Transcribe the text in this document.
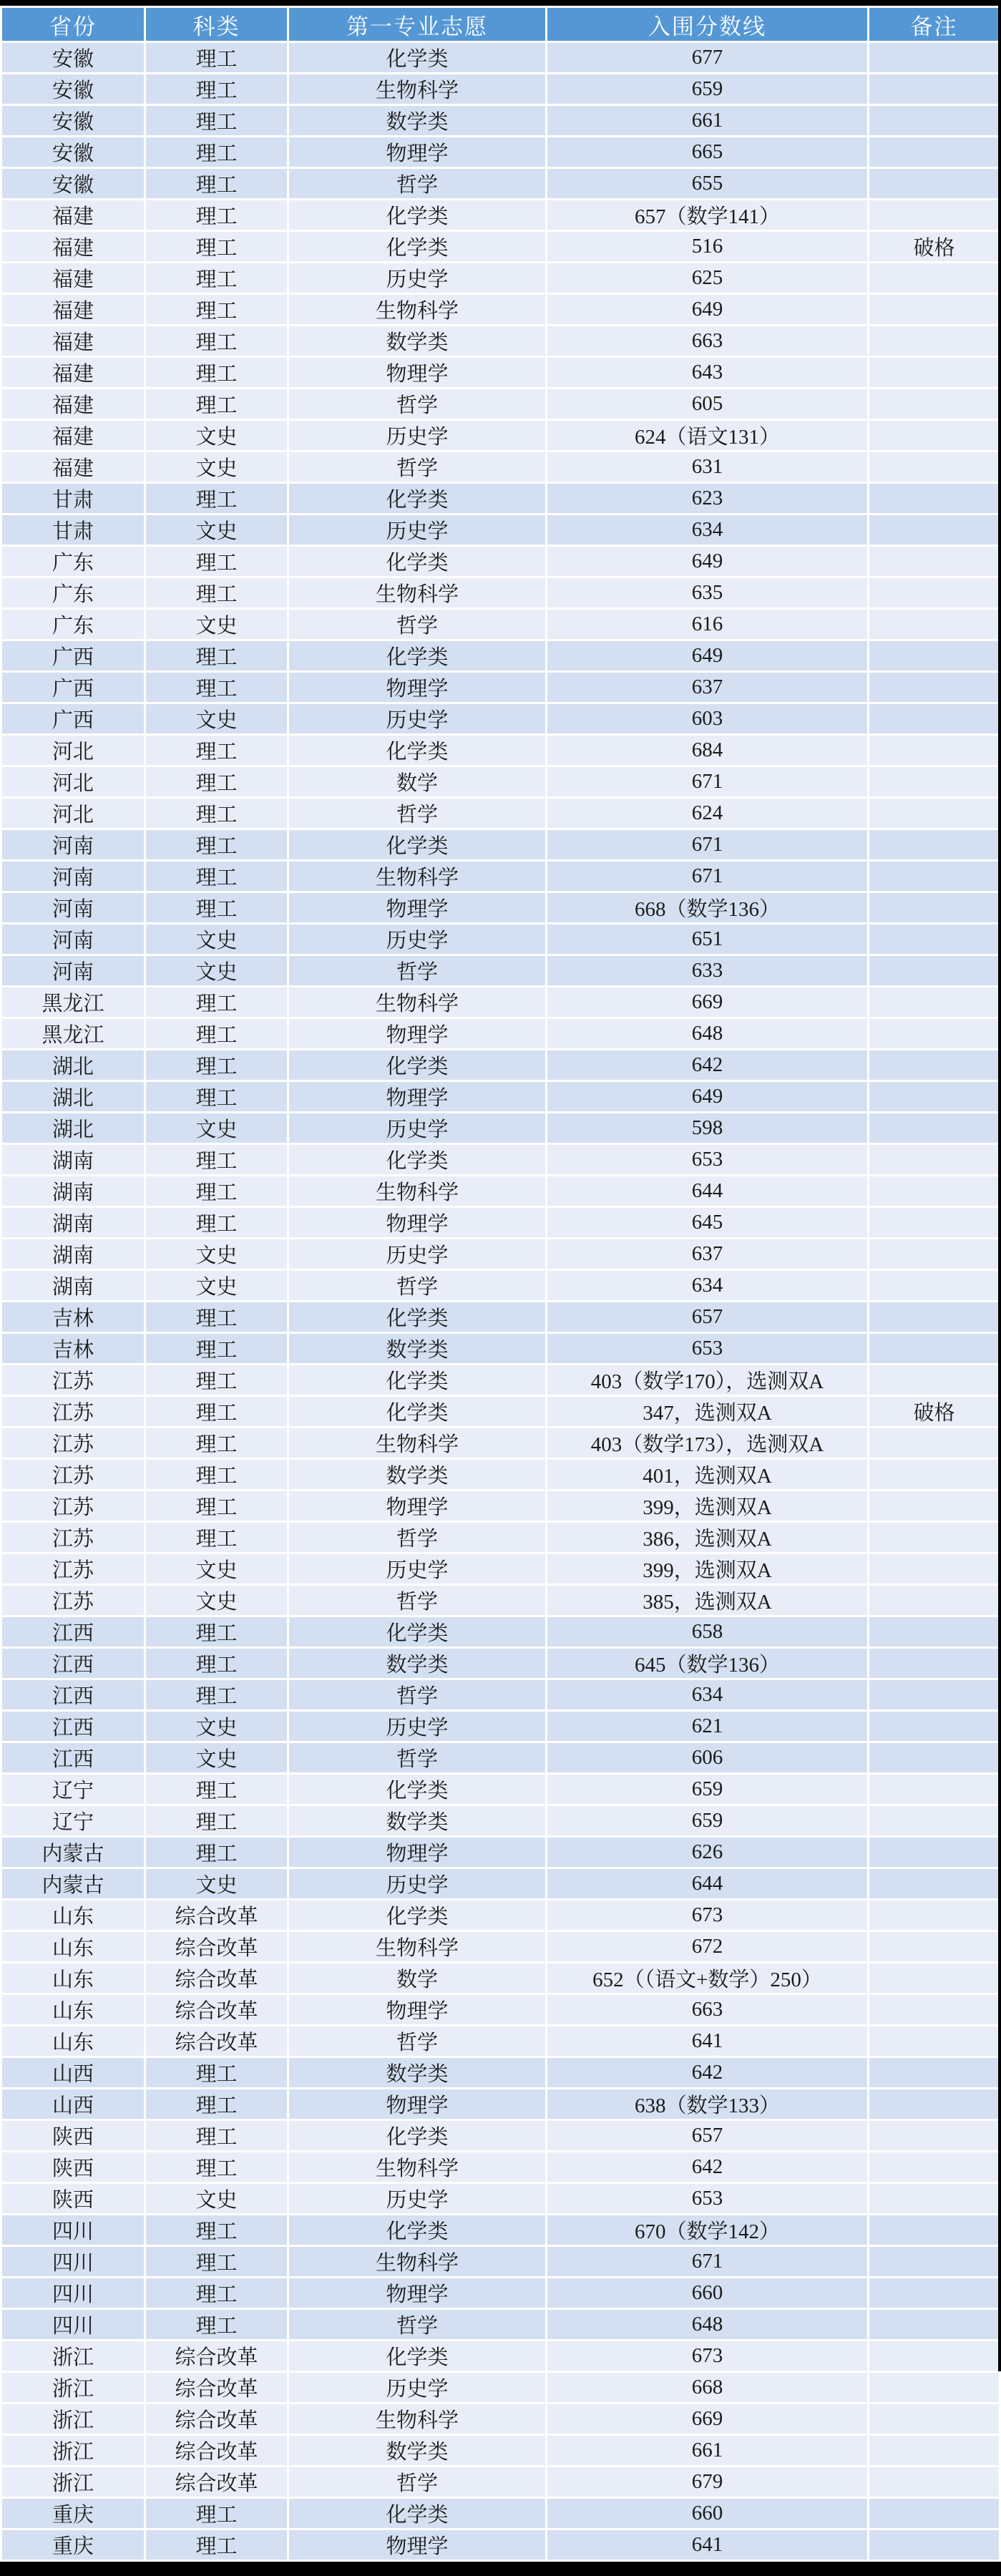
省份	科类	第一专业志愿	入围分数线	备注
安徽	理工	化学类	677	
安徽	理工	生物科学	659	
安徽	理工	数学类	661	
安徽	理工	物理学	665	
安徽	理工	哲学	655	
福建	理工	化学类	657（数学141）	
福建	理工	化学类	516	破格
福建	理工	历史学	625	
福建	理工	生物科学	649	
福建	理工	数学类	663	
福建	理工	物理学	643	
福建	理工	哲学	605	
福建	文史	历史学	624（语文131）	
福建	文史	哲学	631	
甘肃	理工	化学类	623	
甘肃	文史	历史学	634	
广东	理工	化学类	649	
广东	理工	生物科学	635	
广东	文史	哲学	616	
广西	理工	化学类	649	
广西	理工	物理学	637	
广西	文史	历史学	603	
河北	理工	化学类	684	
河北	理工	数学	671	
河北	理工	哲学	624	
河南	理工	化学类	671	
河南	理工	生物科学	671	
河南	理工	物理学	668（数学136）	
河南	文史	历史学	651	
河南	文史	哲学	633	
黑龙江	理工	生物科学	669	
黑龙江	理工	物理学	648	
湖北	理工	化学类	642	
湖北	理工	物理学	649	
湖北	文史	历史学	598	
湖南	理工	化学类	653	
湖南	理工	生物科学	644	
湖南	理工	物理学	645	
湖南	文史	历史学	637	
湖南	文史	哲学	634	
吉林	理工	化学类	657	
吉林	理工	数学类	653	
江苏	理工	化学类	403（数学170），选测双A	
江苏	理工	化学类	347，选测双A	破格
江苏	理工	生物科学	403（数学173），选测双A	
江苏	理工	数学类	401，选测双A	
江苏	理工	物理学	399，选测双A	
江苏	理工	哲学	386，选测双A	
江苏	文史	历史学	399，选测双A	
江苏	文史	哲学	385，选测双A	
江西	理工	化学类	658	
江西	理工	数学类	645（数学136）	
江西	理工	哲学	634	
江西	文史	历史学	621	
江西	文史	哲学	606	
辽宁	理工	化学类	659	
辽宁	理工	数学类	659	
内蒙古	理工	物理学	626	
内蒙古	文史	历史学	644	
山东	综合改革	化学类	673	
山东	综合改革	生物科学	672	
山东	综合改革	数学	652（（语文+数学）250）	
山东	综合改革	物理学	663	
山东	综合改革	哲学	641	
山西	理工	数学类	642	
山西	理工	物理学	638（数学133）	
陕西	理工	化学类	657	
陕西	理工	生物科学	642	
陕西	文史	历史学	653	
四川	理工	化学类	670（数学142）	
四川	理工	生物科学	671	
四川	理工	物理学	660	
四川	理工	哲学	648	
浙江	综合改革	化学类	673	
浙江	综合改革	历史学	668	
浙江	综合改革	生物科学	669	
浙江	综合改革	数学类	661	
浙江	综合改革	哲学	679	
重庆	理工	化学类	660	
重庆	理工	物理学	641	
